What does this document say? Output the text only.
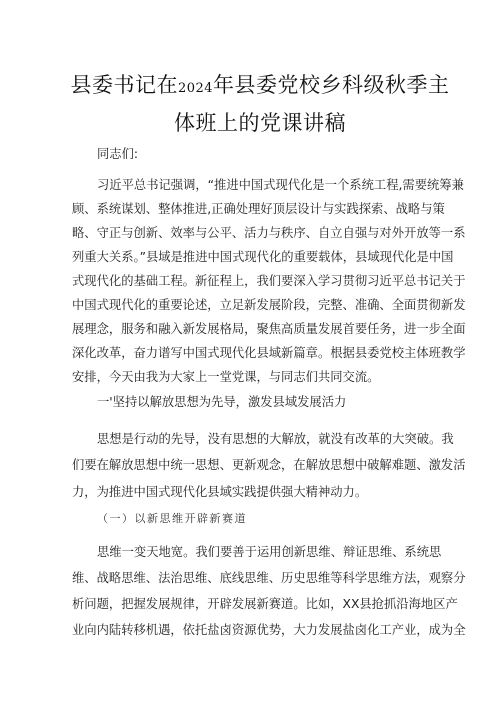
县委书记在2024年县委党校乡科级秋季主
体班上的党课讲稿
同志们:
习近平总书记强调，“推进中国式现代化是一个系统工程,需要统筹兼
顾、系统谋划、整体推进,正确处理好顶层设计与实践探索、战略与策
略、守正与创新、效率与公平、活力与秩序、自立自强与对外开放等一系
列重大关系。”县域是推进中国式现代化的重要载体，县域现代化是中国
式现代化的基础工程。新征程上，我们要深入学习贯彻习近平总书记关于
中国式现代化的重要论述，立足新发展阶段，完整、准确、全面贯彻新发
展理念，服务和融入新发展格局，聚焦高质量发展首要任务，进一步全面
深化改革，奋力谱写中国式现代化县域新篇章。根据县委党校主体班教学
安排，今天由我为大家上一堂党课，与同志们共同交流。
一'坚持以解放思想为先导，激发县域发展活力
思想是行动的先导，没有思想的大解放，就没有改革的大突破。我
们要在解放思想中统一思想、更新观念，在解放思想中破解难题、激发活
力，为推进中国式现代化县域实践提供强大精神动力。
（一）以新思维开辟新赛道
思维一变天地宽。我们要善于运用创新思维、辩证思维、系统思
维、战略思维、法治思维、底线思维、历史思维等科学思维方法，观察分
析问题，把握发展规律，开辟发展新赛道。比如，XX县抢抓沿海地区产
业向内陆转移机遇，依托盐卤资源优势，大力发展盐卤化工产业，成为全
